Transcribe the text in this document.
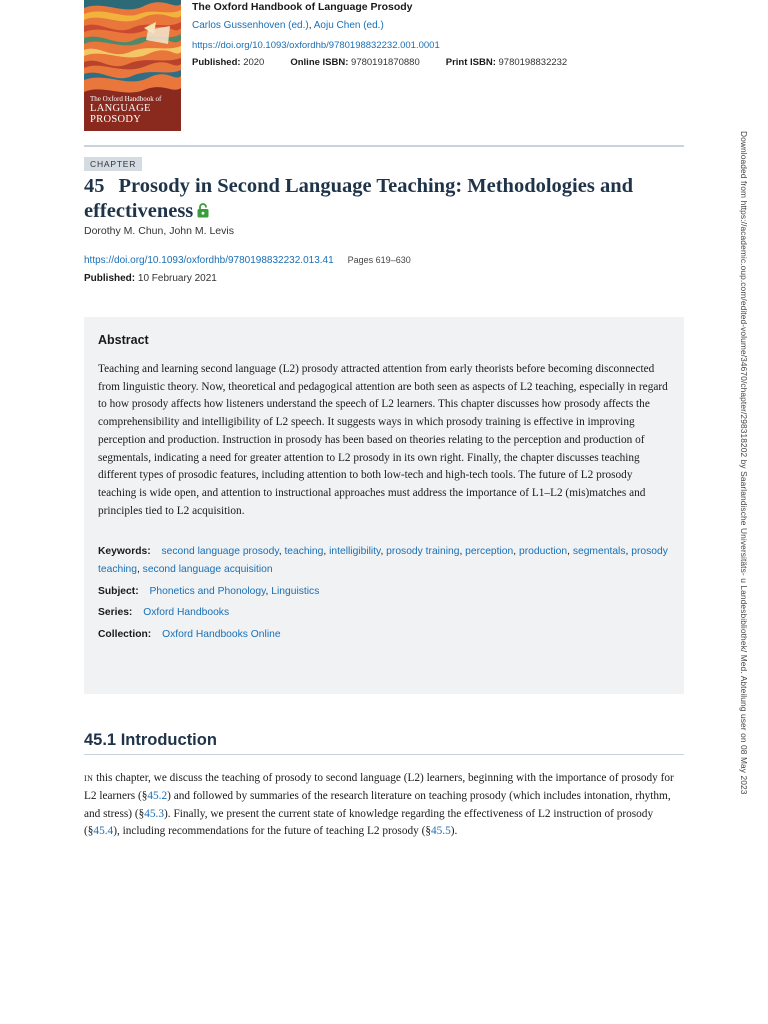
The Oxford Handbook of
LANGUAGE
PROSODY
The Oxford Handbook of Language Prosody
Carlos Gussenhoven (ed.), Aoju Chen (ed.)
https://doi.org/10.1093/oxfordhb/9780198832232.001.0001
Published: 2020	Online ISBN: 9780191870880	Print ISBN: 9780198832232
CHAPTER
45 Prosody in Second Language Teaching: Methodologies and effectiveness
Dorothy M. Chun, John M. Levis
https://doi.org/10.1093/oxfordhb/9780198832232.013.41 Pages 619–630
Published: 10 February 2021
Abstract

Teaching and learning second language (L2) prosody attracted attention from early theorists before becoming disconnected from linguistic theory. Now, theoretical and pedagogical attention are both seen as aspects of L2 teaching, especially in regard to how prosody affects how listeners understand the speech of L2 learners. This chapter discusses how prosody affects the comprehensibility and intelligibility of L2 speech. It suggests ways in which prosody training is effective in improving perception and production. Instruction in prosody has been based on theories relating to the perception and production of segmentals, indicating a need for greater attention to L2 prosody in its own right. Finally, the chapter discusses teaching different types of prosodic features, including attention to both low-tech and high-tech tools. The future of L2 prosody teaching is wide open, and attention to instructional approaches must address the importance of L1–L2 (mis)matches and principles tied to L2 acquisition.

Keywords: second language prosody, teaching, intelligibility, prosody training, perception, production, segmentals, prosody teaching, second language acquisition
Subject: Phonetics and Phonology, Linguistics
Series: Oxford Handbooks
Collection: Oxford Handbooks Online
45.1 Introduction

in this chapter, we discuss the teaching of prosody to second language (L2) learners, beginning with the importance of prosody for L2 learners (§45.2) and followed by summaries of the research literature on teaching prosody (which includes intonation, rhythm, and stress) (§45.3). Finally, we present the current state of knowledge regarding the effectiveness of L2 instruction of prosody (§45.4), including recommendations for the future of teaching L2 prosody (§45.5).

Downloaded from https://academic.oup.com/edited-volume/34670/chapter/298318202 by Saarlandische Universitäts- u Landesbibliothek/ Med. Abteilung user on 08 May 2023
